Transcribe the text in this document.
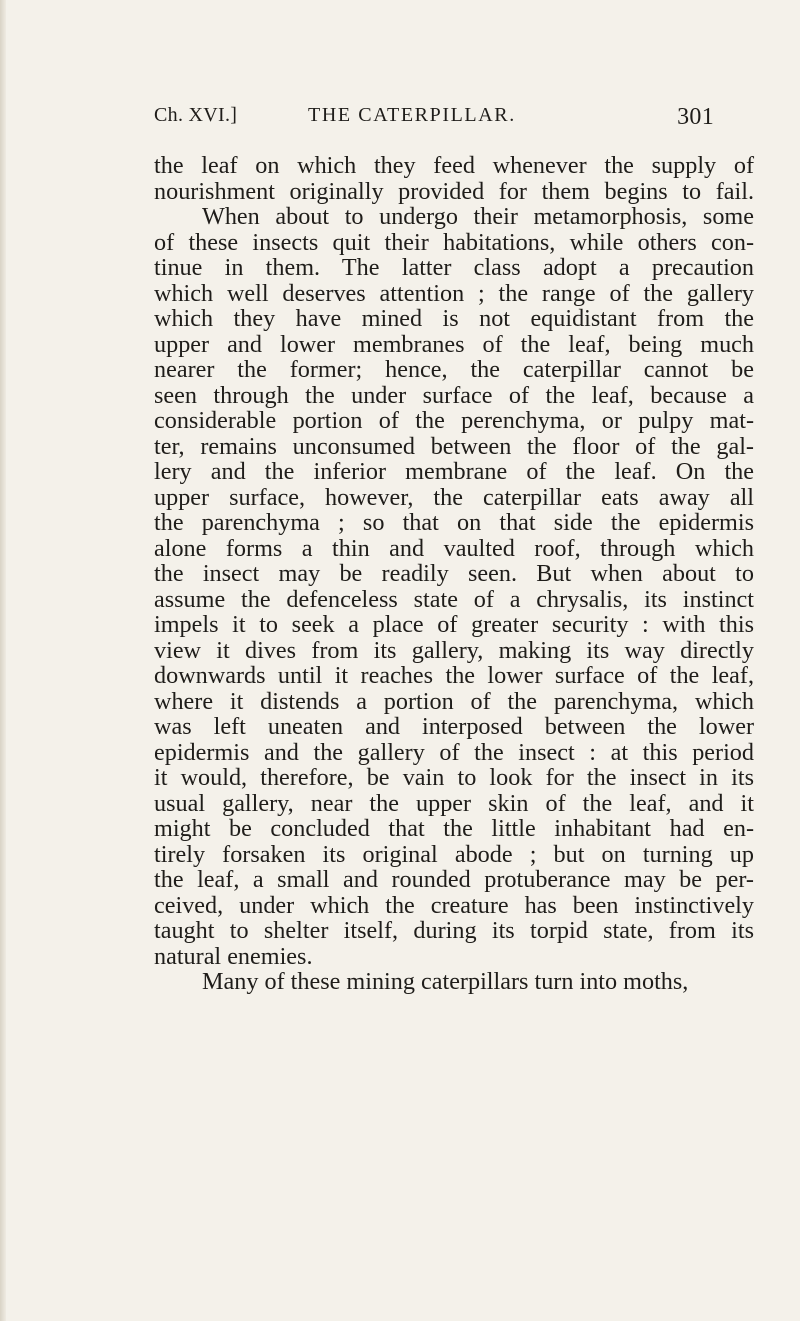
Ch. XVI.]	THE CATERPILLAR.	301
the leaf on which they feed whenever the supply of
nourishment originally provided for them begins to fail.
When about to undergo their metamorphosis, some
of these insects quit their habitations, while others con-
tinue in them. The latter class adopt a precaution
which well deserves attention ; the range of the gallery
which they have mined is not equidistant from the
upper and lower membranes of the leaf, being much
nearer the former; hence, the caterpillar cannot be
seen through the under surface of the leaf, because a
considerable portion of the perenchyma, or pulpy mat-
ter, remains unconsumed between the floor of the gal-
lery and the inferior membrane of the leaf. On the
upper surface, however, the caterpillar eats away all
the parenchyma ; so that on that side the epidermis
alone forms a thin and vaulted roof, through which
the insect may be readily seen. But when about to
assume the defenceless state of a chrysalis, its instinct
impels it to seek a place of greater security : with this
view it dives from its gallery, making its way directly
downwards until it reaches the lower surface of the leaf,
where it distends a portion of the parenchyma, which
was left uneaten and interposed between the lower
epidermis and the gallery of the insect : at this period
it would, therefore, be vain to look for the insect in its
usual gallery, near the upper skin of the leaf, and it
might be concluded that the little inhabitant had en-
tirely forsaken its original abode ; but on turning up
the leaf, a small and rounded protuberance may be per-
ceived, under which the creature has been instinctively
taught to shelter itself, during its torpid state, from its
natural enemies.
Many of these mining caterpillars turn into moths,
